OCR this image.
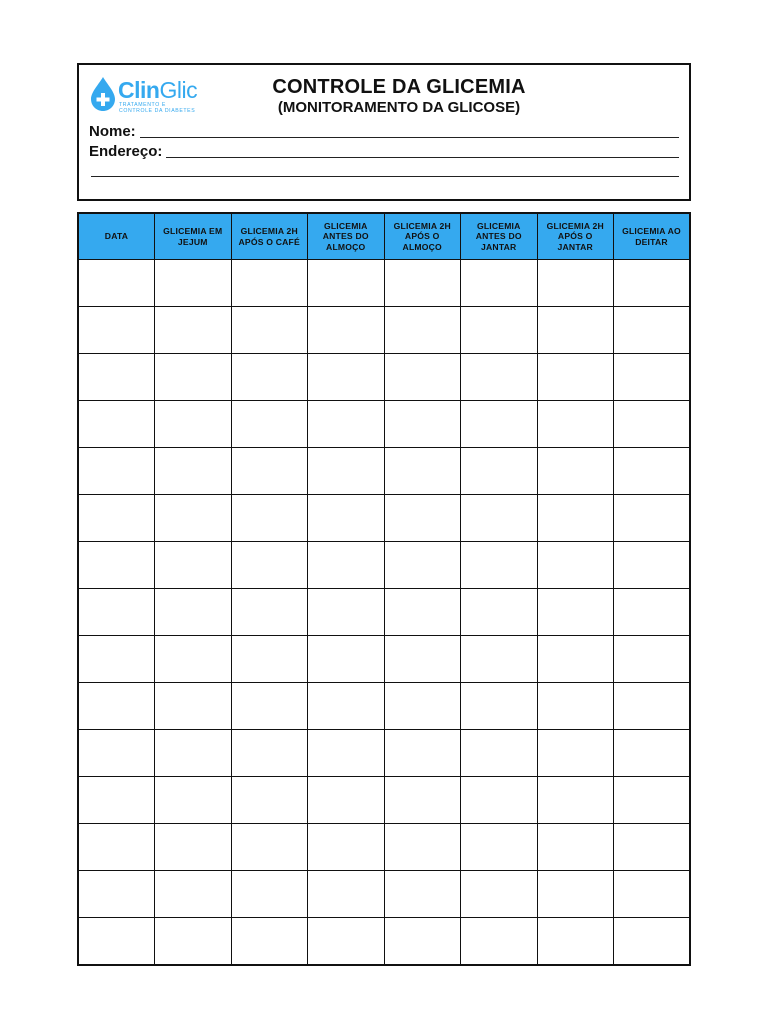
ClinGlic
TRATAMENTO E
CONTROLE DA DIABETES
CONTROLE DA GLICEMIA
(MONITORAMENTO DA GLICOSE)
Nome:
Endereço:
DATA	GLICEMIA EM JEJUM	GLICEMIA 2H APÓS O CAFÉ	GLICEMIA ANTES DO ALMOÇO	GLICEMIA 2H APÓS O ALMOÇO	GLICEMIA ANTES DO JANTAR	GLICEMIA 2H APÓS O JANTAR	GLICEMIA AO DEITAR
